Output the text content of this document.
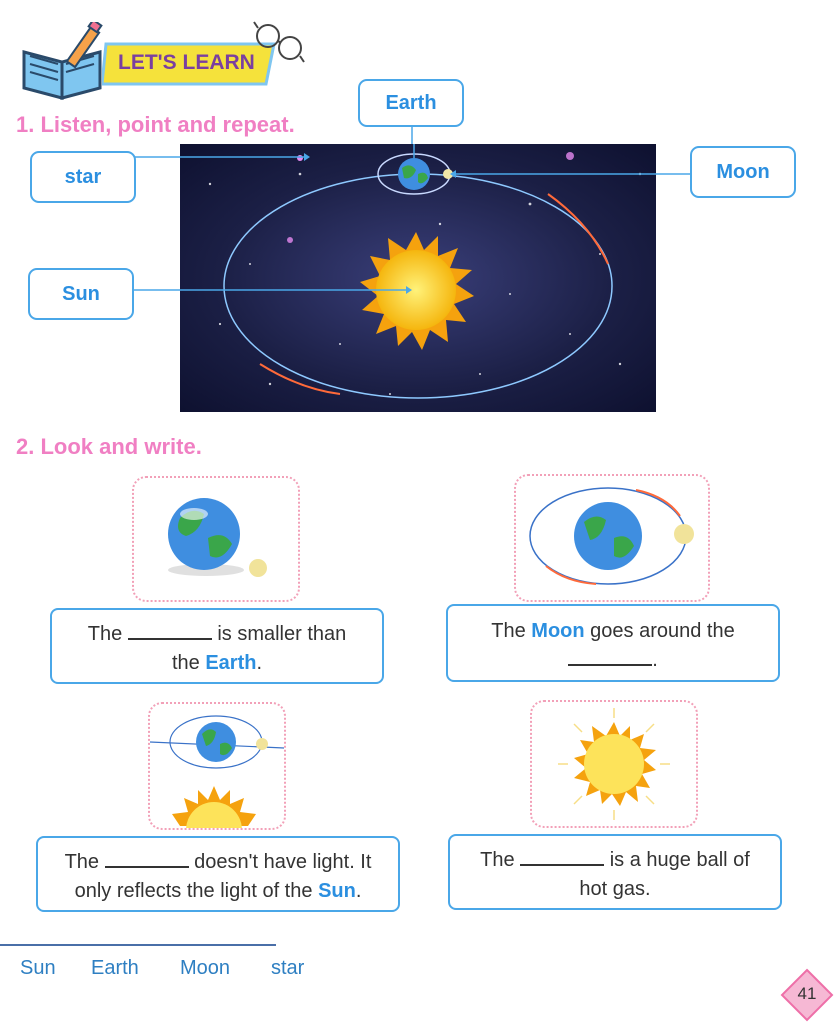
LET'S LEARN
1. Listen, point and repeat.
Earth
star	Moon
Sun
2. Look and write.
The	is smaller than
the Earth.
The Moon goes around the
.
The	doesn't have light. It
only reflects the light of the Sun.
The	is a huge ball of
hot gas.
Sun Earth Moon star
41
